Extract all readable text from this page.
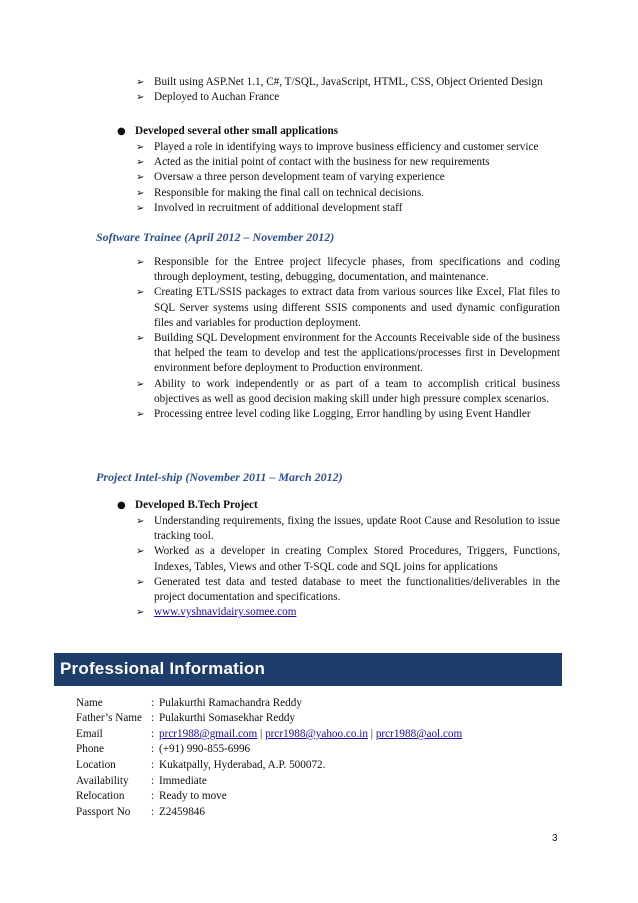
➢ Built using ASP.Net 1.1, C#, T/SQL, JavaScript, HTML, CSS, Object Oriented Design
➢ Deployed to Auchan France
● Developed several other small applications
➢ Played a role in identifying ways to improve business efficiency and customer service
➢ Acted as the initial point of contact with the business for new requirements
➢ Oversaw a three person development team of varying experience
➢ Responsible for making the final call on technical decisions.
➢ Involved in recruitment of additional development staff
Software Trainee (April 2012 – November 2012)
➢ Responsible for the Entree project lifecycle phases, from specifications and coding through deployment, testing, debugging, documentation, and maintenance.
➢ Creating ETL/SSIS packages to extract data from various sources like Excel, Flat files to SQL Server systems using different SSIS components and used dynamic configuration files and variables for production deployment.
➢ Building SQL Development environment for the Accounts Receivable side of the business that helped the team to develop and test the applications/processes first in Development environment before deployment to Production environment.
➢ Ability to work independently or as part of a team to accomplish critical business objectives as well as good decision making skill under high pressure complex scenarios.
➢ Processing entree level coding like Logging, Error handling by using Event Handler
Project Intel-ship (November 2011 – March 2012)
● Developed B.Tech Project
➢ Understanding requirements, fixing the issues, update Root Cause and Resolution to issue tracking tool.
➢ Worked as a developer in creating Complex Stored Procedures, Triggers, Functions, Indexes, Tables, Views and other T-SQL code and SQL joins for applications
➢ Generated test data and tested database to meet the functionalities/deliverables in the project documentation and specifications.
➢ www.vyshnavidairy.somee.com
Professional Information
Name	: Pulakurthi Ramachandra Reddy
Father’s Name : Pulakurthi Somasekhar Reddy
Email	: prcr1988@gmail.com | prcr1988@yahoo.co.in | prcr1988@aol.com
Phone	: (+91) 990-855-6996
Location	: Kukatpally, Hyderabad, A.P. 500072.
Availability : Immediate
Relocation : Ready to move
Passport No : Z2459846
3
